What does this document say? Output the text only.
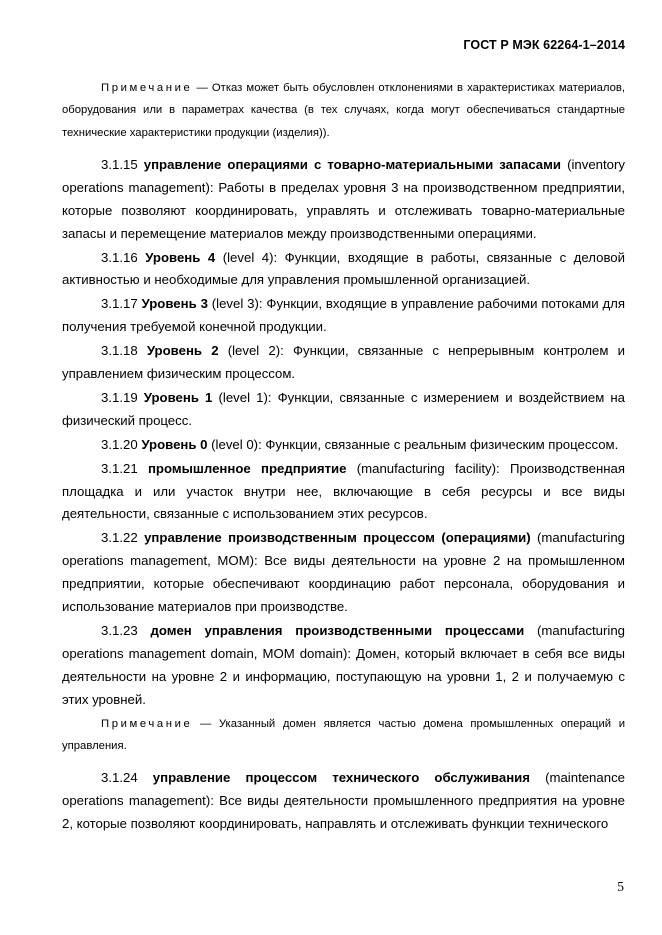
ГОСТ Р МЭК 62264-1–2014

Примечание — Отказ может быть обусловлен отклонениями в характеристиках материалов, оборудования или в параметрах качества (в тех случаях, когда могут обеспечиваться стандартные технические характеристики продукции (изделия)).

3.1.15 управление операциями с товарно-материальными запасами (inventory operations management): Работы в пределах уровня 3 на производственном предприятии, которые позволяют координировать, управлять и отслеживать товарно-материальные запасы и перемещение материалов между производственными операциями.

3.1.16 Уровень 4 (level 4): Функции, входящие в работы, связанные с деловой активностью и необходимые для управления промышленной организацией.

3.1.17 Уровень 3 (level 3): Функции, входящие в управление рабочими потоками для получения требуемой конечной продукции.

3.1.18 Уровень 2 (level 2): Функции, связанные с непрерывным контролем и управлением физическим процессом.

3.1.19 Уровень 1 (level 1): Функции, связанные с измерением и воздействием на физический процесс.

3.1.20 Уровень 0 (level 0): Функции, связанные с реальным физическим процессом.

3.1.21 промышленное предприятие (manufacturing facility): Производственная площадка и или участок внутри нее, включающие в себя ресурсы и все виды деятельности, связанные с использованием этих ресурсов.

3.1.22 управление производственным процессом (операциями) (manufacturing operations management, MOM): Все виды деятельности на уровне 2 на промышленном предприятии, которые обеспечивают координацию работ персонала, оборудования и использование материалов при производстве.

3.1.23 домен управления производственными процессами (manufacturing operations management domain, MOM domain): Домен, который включает в себя все виды деятельности на уровне 2 и информацию, поступающую на уровни 1, 2 и получаемую с этих уровней.

Примечание — Указанный домен является частью домена промышленных операций и управления.

3.1.24 управление процессом технического обслуживания (maintenance operations management): Все виды деятельности промышленного предприятия на уровне 2, которые позволяют координировать, направлять и отслеживать функции технического

5
